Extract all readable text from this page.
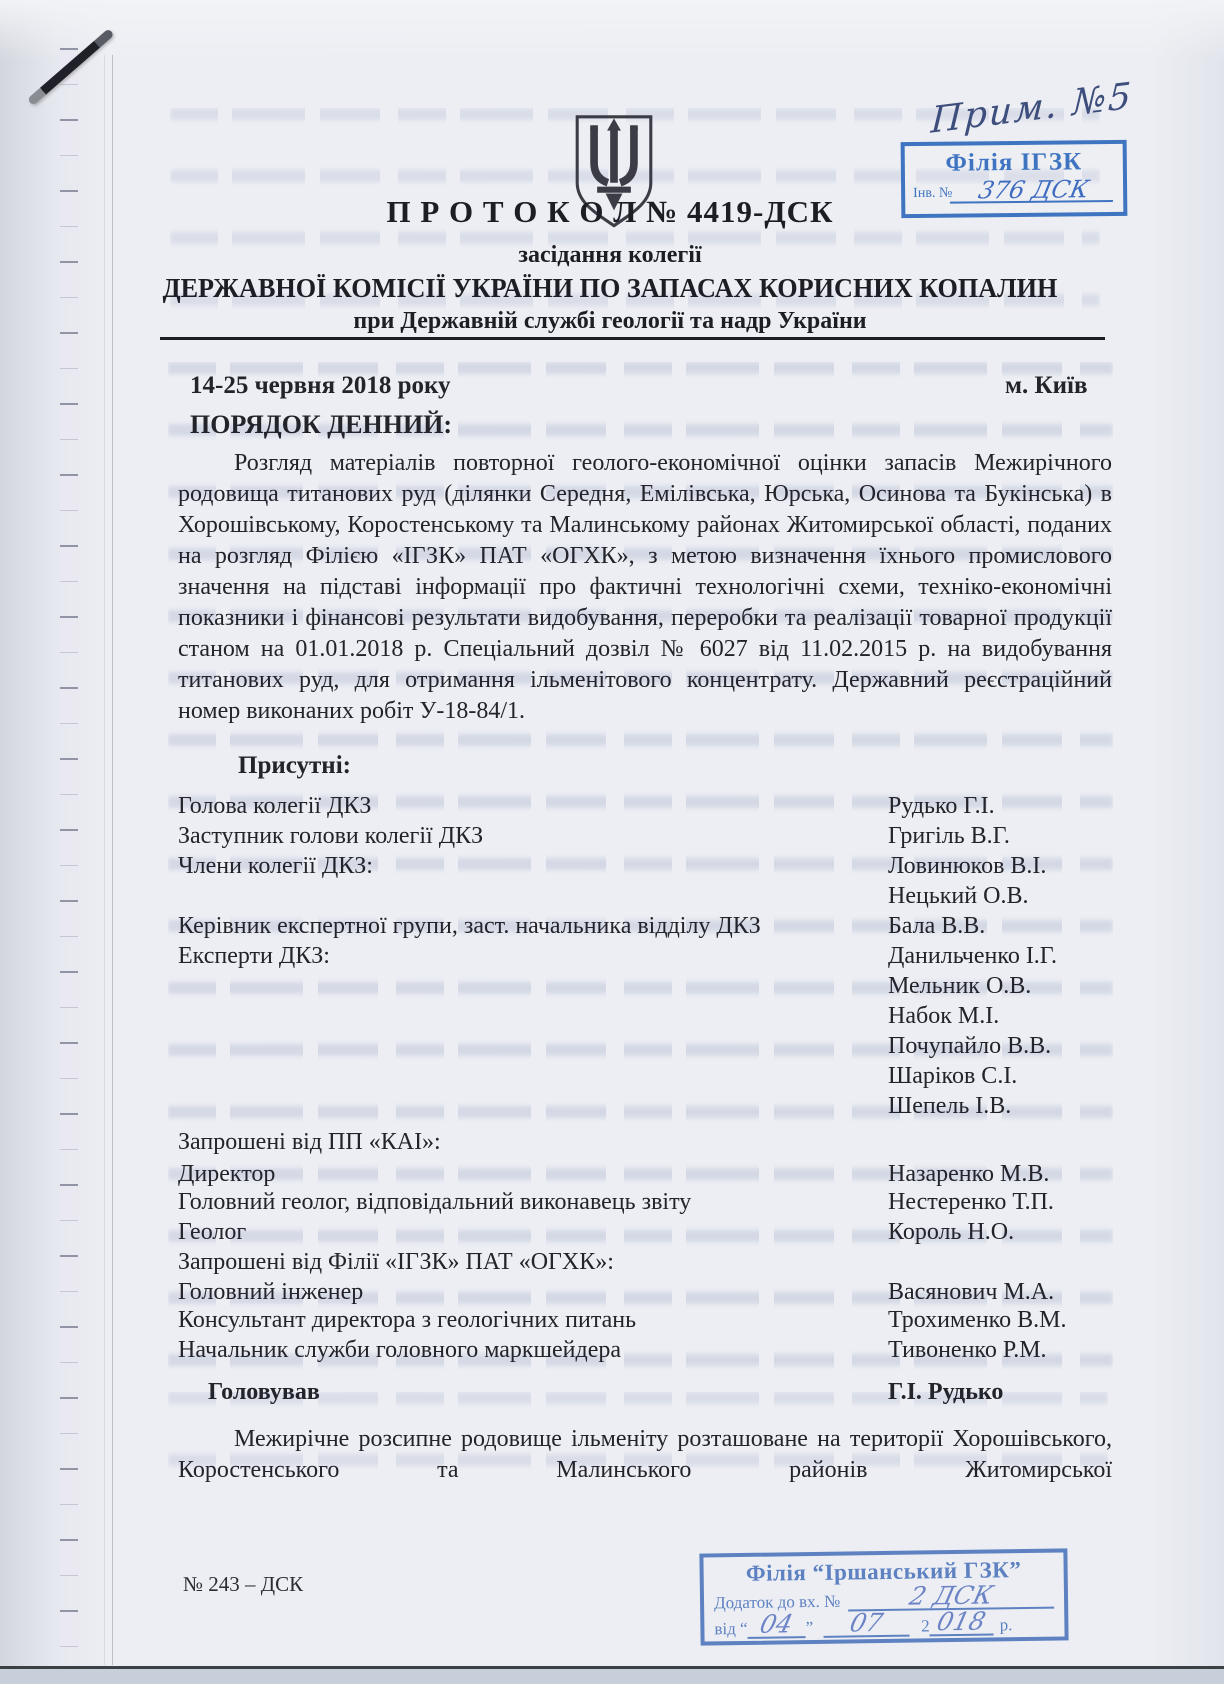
Прим. №5
Філія ІГЗК
Інв. № 376 ДСК
П Р О Т О К О Л № 4419-ДСК
засідання колегії
ДЕРЖАВНОЇ КОМІСІЇ УКРАЇНИ ПО ЗАПАСАХ КОРИСНИХ КОПАЛИН
при Державній службі геології та надр України
14-25 червня 2018 року	м. Київ
ПОРЯДОК ДЕННИЙ:
Розгляд матеріалів повторної геолого-економічної оцінки запасів Межирічного родовища титанових руд (ділянки Середня, Емілівська, Юрська, Осинова та Букінська) в Хорошівському, Коростенському та Малинському районах Житомирської області, поданих на розгляд Філією «ІГЗК» ПАТ «ОГХК», з метою визначення їхнього промислового значення на підставі інформації про фактичні технологічні схеми, техніко-економічні показники і фінансові результати видобування, переробки та реалізації товарної продукції станом на 01.01.2018 р. Спеціальний дозвіл № 6027 від 11.02.2015 р. на видобування титанових руд, для отримання ільменітового концентрату. Державний реєстраційний номер виконаних робіт У-18-84/1.
Присутні:
Голова колегії ДКЗ	Рудько Г.І.
Заступник голови колегії ДКЗ	Григіль В.Г.
Члени колегії ДКЗ:	Ловинюков В.І.
Нецький О.В.
Керівник експертної групи, заст. начальника відділу ДКЗ	Бала В.В.
Експерти ДКЗ:	Данильченко І.Г.
Мельник О.В.
Набок М.І.
Почупайло В.В.
Шаріков С.І.
Шепель І.В.
Запрошені від ПП «КАІ»:
Директор	Назаренко М.В.
Головний геолог, відповідальний виконавець звіту	Нестеренко Т.П.
Геолог	Король Н.О.
Запрошені від Філії «ІГЗК» ПАТ «ОГХК»:
Головний інженер	Васянович М.А.
Консультант директора з геологічних питань	Трохименко В.М.
Начальник служби головного маркшейдера	Тивоненко Р.М.
Головував	Г.І. Рудько
Межирічне розсипне родовище ільменіту розташоване на території Хорошівського, Коростенського та Малинського районів Житомирської
Філія “Іршанський ГЗК”
Додаток до вх. №	2 ДСК
від “ 04 ”	07	2 018 р.
№ 243 – ДСК
